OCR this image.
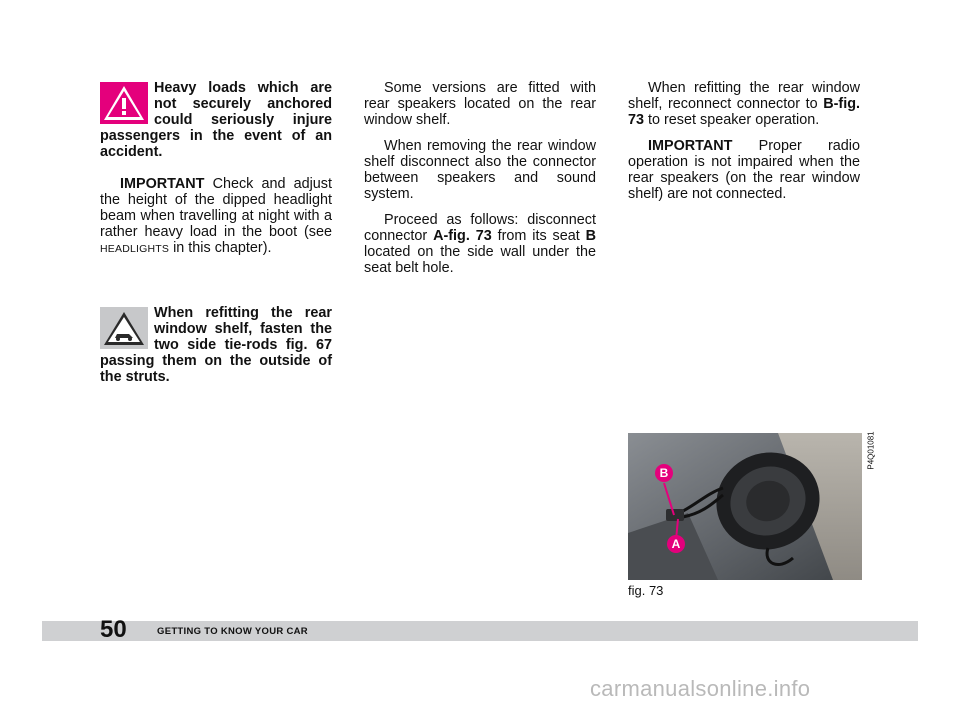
Heavy loads which are not securely anchored could seriously injure passengers in the event of an accident.

IMPORTANT Check and adjust the height of the dipped headlight beam when travelling at night with a rather heavy load in the boot (see HEADLIGHTS in this chapter).

When refitting the rear window shelf, fasten the two side tie-rods fig. 67 passing them on the outside of the struts.

Some versions are fitted with rear speakers located on the rear window shelf.

When removing the rear window shelf disconnect also the connector between speakers and sound system.

Proceed as follows: disconnect connector A-fig. 73 from its seat B located on the side wall under the seat belt hole.

When refitting the rear window shelf, reconnect connector to B-fig. 73 to reset speaker operation.

IMPORTANT Proper radio operation is not impaired when the rear speakers (on the rear window shelf) are not connected.

B
A
P4Q01081
fig. 73
50	GETTING TO KNOW YOUR CAR
carmanualsonline.info
